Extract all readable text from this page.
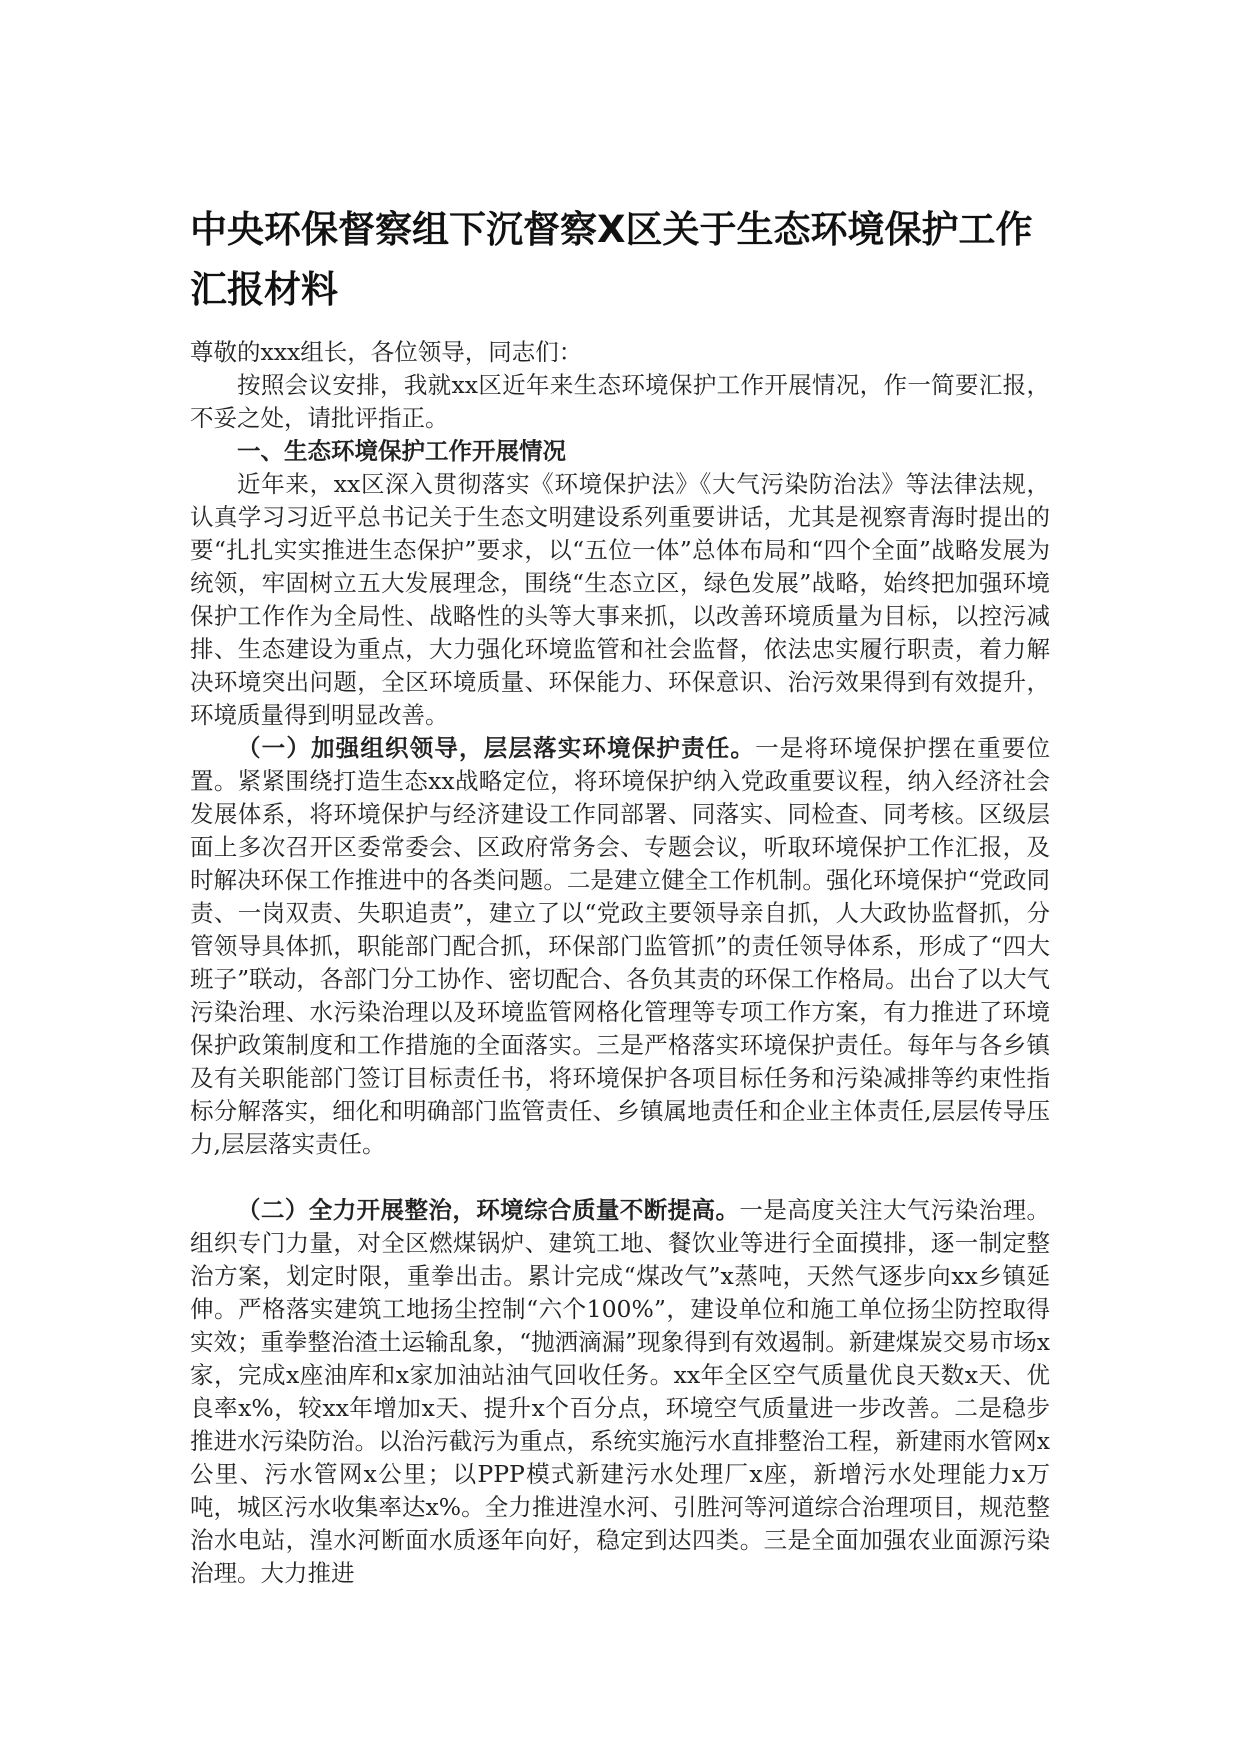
中央环保督察组下沉督察X区关于生态环境保护工作汇报材料

尊敬的xxx组长，各位领导，同志们：

按照会议安排，我就xx区近年来生态环境保护工作开展情况，作一简要汇报，不妥之处，请批评指正。

一、生态环境保护工作开展情况

近年来，xx区深入贯彻落实《环境保护法》《大气污染防治法》等法律法规，认真学习习近平总书记关于生态文明建设系列重要讲话，尤其是视察青海时提出的要“扎扎实实推进生态保护”要求，以“五位一体”总体布局和“四个全面”战略发展为统领，牢固树立五大发展理念，围绕“生态立区，绿色发展”战略，始终把加强环境保护工作作为全局性、战略性的头等大事来抓，以改善环境质量为目标，以控污减排、生态建设为重点，大力强化环境监管和社会监督，依法忠实履行职责，着力解决环境突出问题，全区环境质量、环保能力、环保意识、治污效果得到有效提升，环境质量得到明显改善。

（一）加强组织领导，层层落实环境保护责任。一是将环境保护摆在重要位置。紧紧围绕打造生态xx战略定位，将环境保护纳入党政重要议程，纳入经济社会发展体系，将环境保护与经济建设工作同部署、同落实、同检查、同考核。区级层面上多次召开区委常委会、区政府常务会、专题会议，听取环境保护工作汇报，及时解决环保工作推进中的各类问题。二是建立健全工作机制。强化环境保护“党政同责、一岗双责、失职追责”，建立了以“党政主要领导亲自抓，人大政协监督抓，分管领导具体抓，职能部门配合抓，环保部门监管抓”的责任领导体系，形成了“四大班子”联动，各部门分工协作、密切配合、各负其责的环保工作格局。出台了以大气污染治理、水污染治理以及环境监管网格化管理等专项工作方案，有力推进了环境保护政策制度和工作措施的全面落实。三是严格落实环境保护责任。每年与各乡镇及有关职能部门签订目标责任书，将环境保护各项目标任务和污染减排等约束性指标分解落实，细化和明确部门监管责任、乡镇属地责任和企业主体责任,层层传导压力,层层落实责任。

（二）全力开展整治，环境综合质量不断提高。一是高度关注大气污染治理。组织专门力量，对全区燃煤锅炉、建筑工地、餐饮业等进行全面摸排，逐一制定整治方案，划定时限，重拳出击。累计完成“煤改气”x蒸吨，天然气逐步向xx乡镇延伸。严格落实建筑工地扬尘控制“六个100%”，建设单位和施工单位扬尘防控取得实效；重拳整治渣土运输乱象，“抛洒滴漏”现象得到有效遏制。新建煤炭交易市场x家，完成x座油库和x家加油站油气回收任务。xx年全区空气质量优良天数x天、优良率x%，较xx年增加x天、提升x个百分点，环境空气质量进一步改善。二是稳步推进水污染防治。以治污截污为重点，系统实施污水直排整治工程，新建雨水管网x公里、污水管网x公里；以PPP模式新建污水处理厂x座，新增污水处理能力x万吨，城区污水收集率达x%。全力推进湟水河、引胜河等河道综合治理项目，规范整治水电站，湟水河断面水质逐年向好，稳定到达四类。三是全面加强农业面源污染治理。大力推进
